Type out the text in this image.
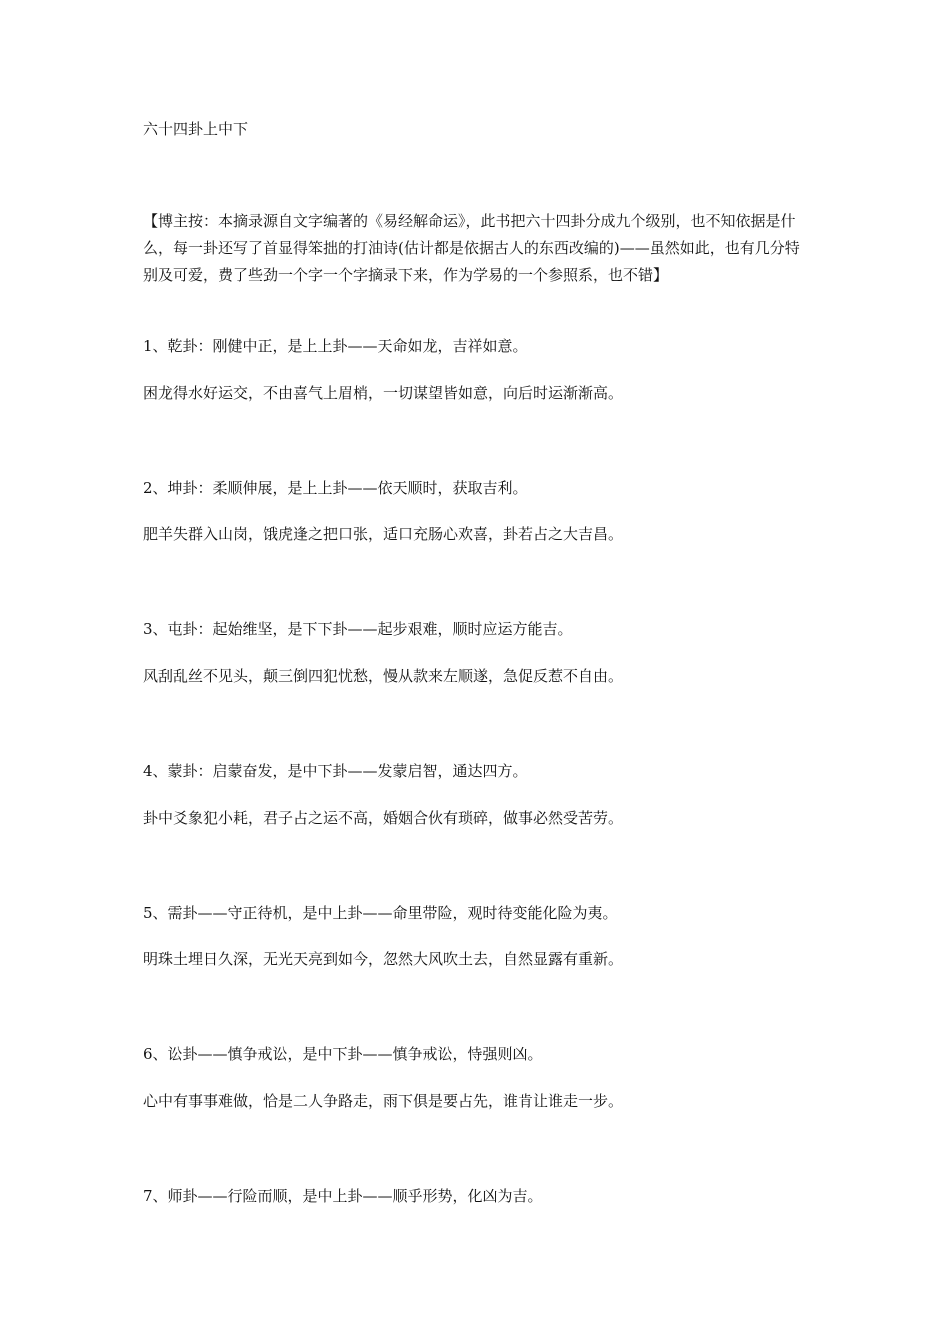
六十四卦上中下

【博主按：本摘录源自文字编著的《易经解命运》，此书把六十四卦分成九个级别，也不知依据是什么，每一卦还写了首显得笨拙的打油诗(估计都是依据古人的东西改编的)——虽然如此，也有几分特别及可爱，费了些劲一个字一个字摘录下来，作为学易的一个参照系，也不错】

1、乾卦：刚健中正，是上上卦——天命如龙，吉祥如意。

困龙得水好运交，不由喜气上眉梢，一切谋望皆如意，向后时运渐渐高。

2、坤卦：柔顺伸展，是上上卦——依天顺时，获取吉利。

肥羊失群入山岗，饿虎逢之把口张，适口充肠心欢喜，卦若占之大吉昌。

3、屯卦：起始维坚，是下下卦——起步艰难，顺时应运方能吉。

风刮乱丝不见头，颠三倒四犯忧愁，慢从款来左顺遂，急促反惹不自由。

4、蒙卦：启蒙奋发，是中下卦——发蒙启智，通达四方。

卦中爻象犯小耗，君子占之运不高，婚姻合伙有琐碎，做事必然受苦劳。

5、需卦——守正待机，是中上卦——命里带险，观时待变能化险为夷。

明珠土埋日久深，无光天亮到如今，忽然大风吹土去，自然显露有重新。

6、讼卦——慎争戒讼，是中下卦——慎争戒讼，恃强则凶。

心中有事事难做，恰是二人争路走，雨下俱是要占先，谁肯让谁走一步。

7、师卦——行险而顺，是中上卦——顺乎形势，化凶为吉。
